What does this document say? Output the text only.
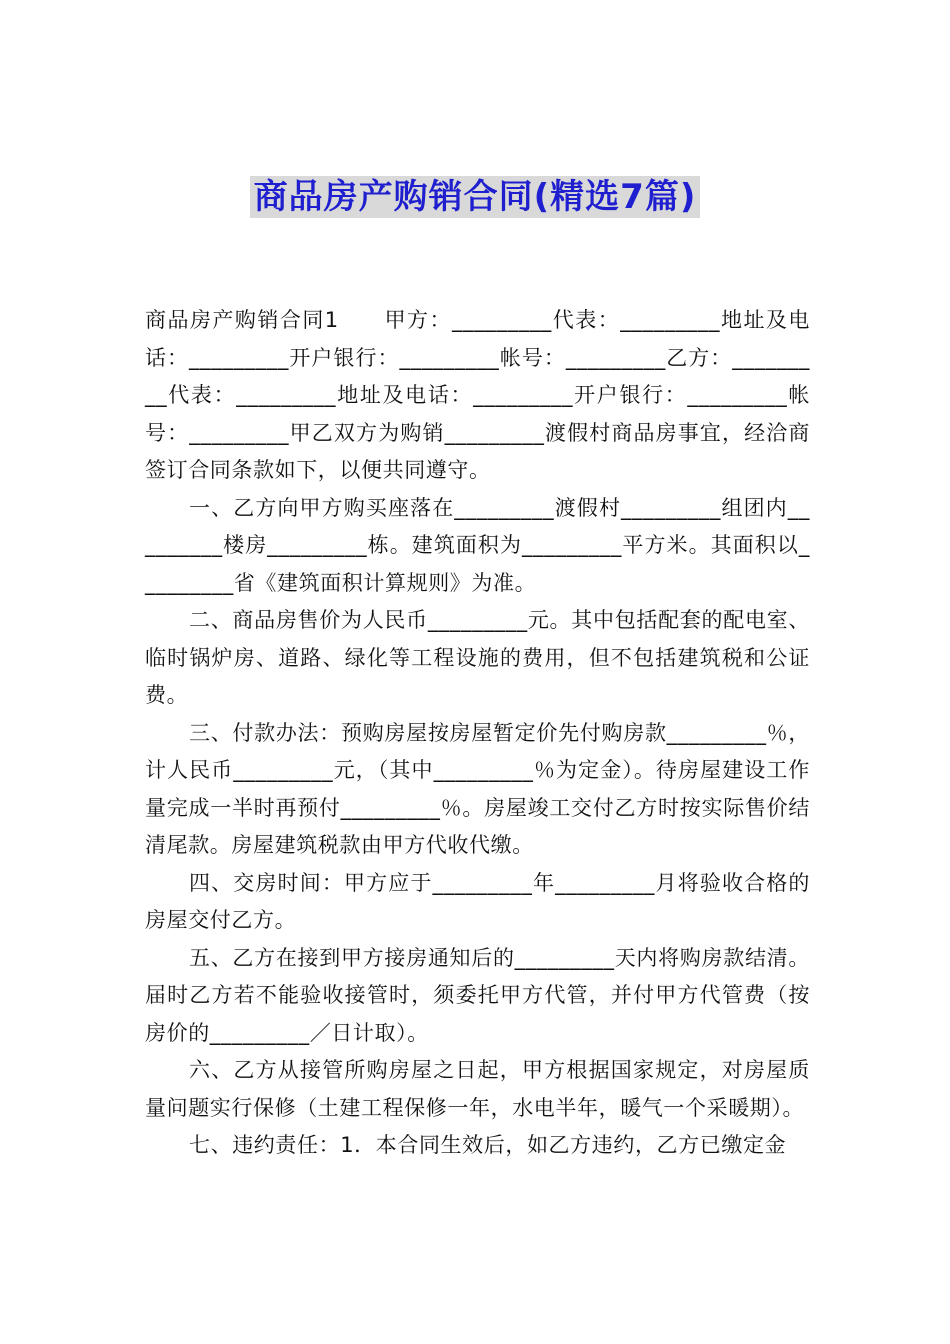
商品房产购销合同(精选7篇)

商品房产购销合同1　　甲方：_________代表：_________地址及电话：_________开户银行：_________帐号：_________乙方：_________代表：_________地址及电话：_________开户银行：_________帐号：_________甲乙双方为购销_________渡假村商品房事宜，经洽商签订合同条款如下，以便共同遵守。

一、乙方向甲方购买座落在_________渡假村_________组团内_________楼房_________栋。建筑面积为_________平方米。其面积以_________省《建筑面积计算规则》为准。

二、商品房售价为人民币_________元。其中包括配套的配电室、临时锅炉房、道路、绿化等工程设施的费用，但不包括建筑税和公证费。

三、付款办法：预购房屋按房屋暂定价先付购房款_________％，计人民币_________元，（其中_________％为定金）。待房屋建设工作量完成一半时再预付_________％。房屋竣工交付乙方时按实际售价结清尾款。房屋建筑税款由甲方代收代缴。

四、交房时间：甲方应于_________年_________月将验收合格的房屋交付乙方。

五、乙方在接到甲方接房通知后的_________天内将购房款结清。届时乙方若不能验收接管时，须委托甲方代管，并付甲方代管费（按房价的_________／日计取）。

六、乙方从接管所购房屋之日起，甲方根据国家规定，对房屋质量问题实行保修（土建工程保修一年，水电半年，暖气一个采暖期）。

七、违约责任：1．本合同生效后，如乙方违约，乙方已缴定金
